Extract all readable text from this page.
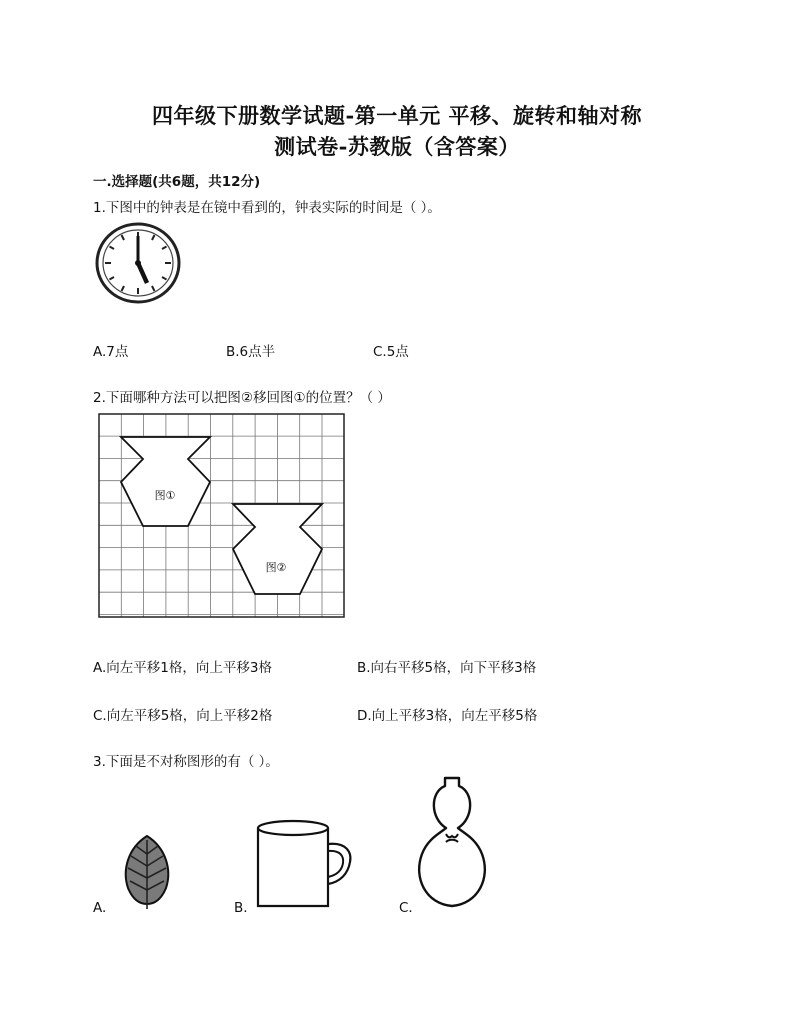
四年级下册数学试题-第一单元 平移、旋转和轴对称
测试卷-苏教版（含答案）
一.选择题(共6题，共12分)
1.下图中的钟表是在镜中看到的，钟表实际的时间是（ ）。
A.7点	B.6点半	C.5点
2.下面哪种方法可以把图②移回图①的位置？（ ）
图①
图②
A.向左平移1格，向上平移3格	B.向右平移5格，向下平移3格
C.向左平移5格，向上平移2格	D.向上平移3格，向左平移5格
3.下面是不对称图形的有（ ）。
A.	B.	C.
